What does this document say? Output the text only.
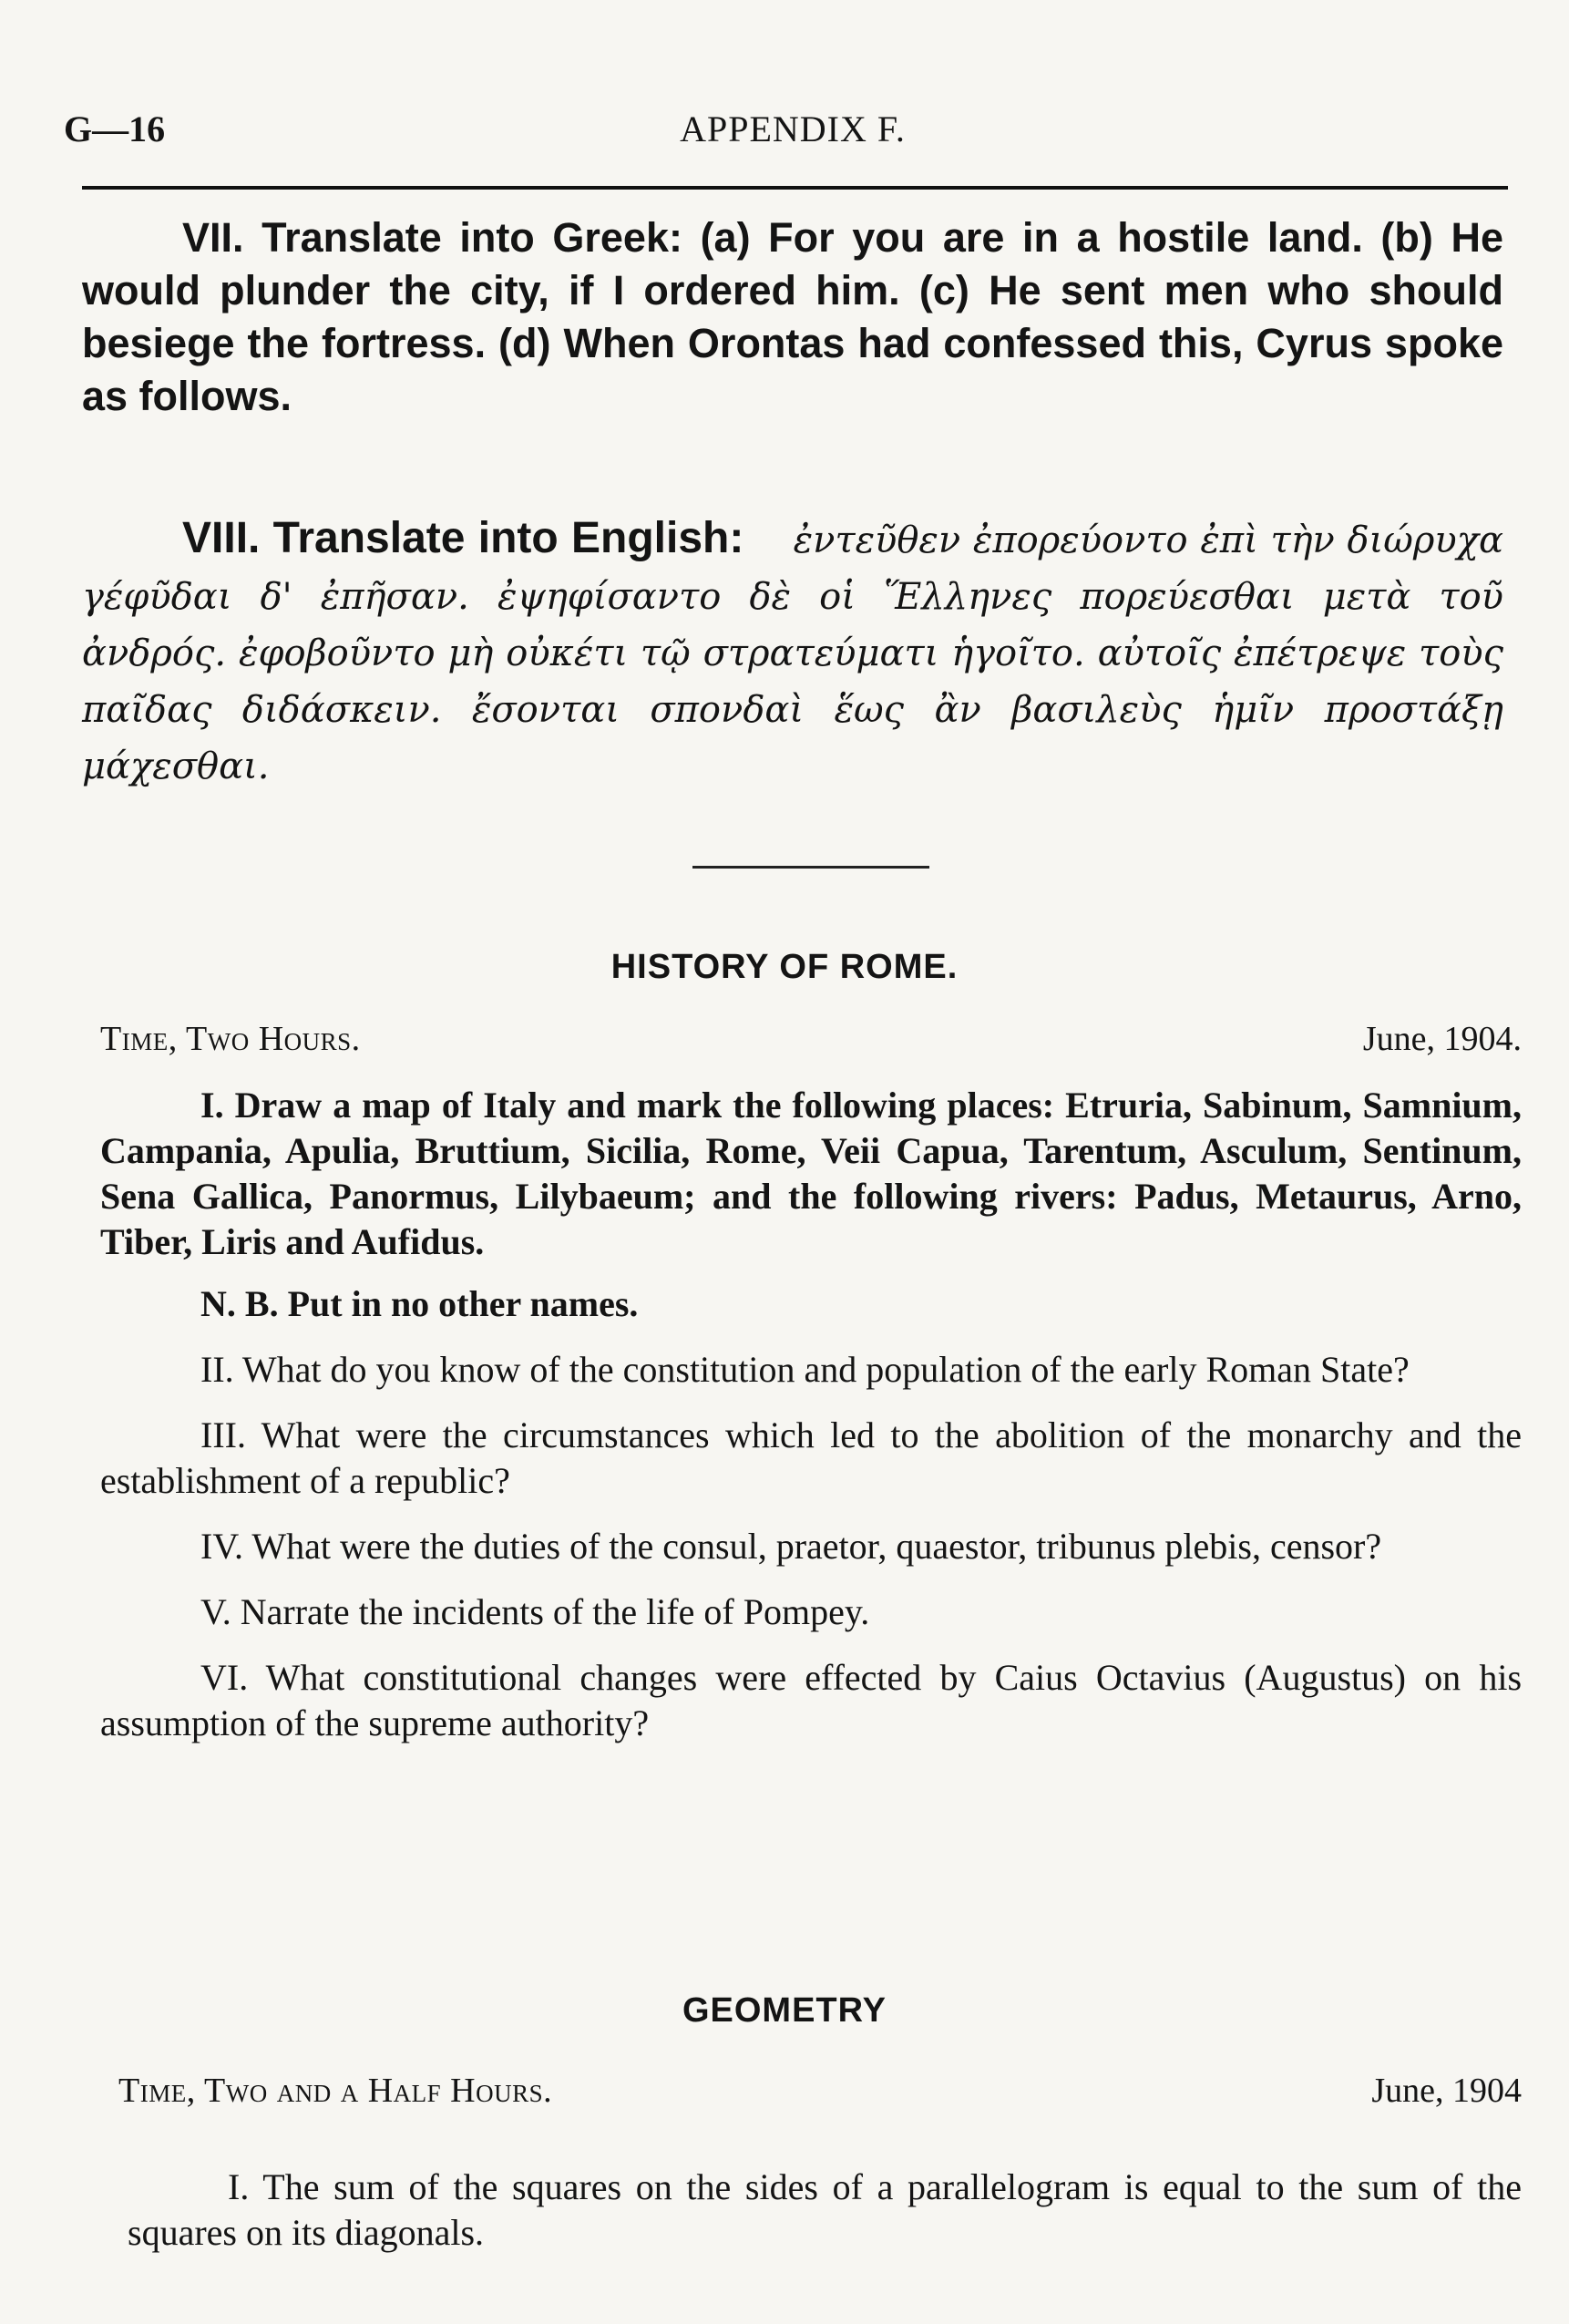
G—16	APPENDIX F.

VII. Translate into Greek: (a) For you are in a hostile land. (b) He would plunder the city, if I ordered him. (c) He sent men who should besiege the fortress. (d) When Orontas had confessed this, Cyrus spoke as follows.

VIII. Translate into English: ἐντεῦθεν ἐπορεύοντο ἐπὶ τὴν διώρυχα γέφῦδαι δ' ἐπῆσαν. ἐψηφίσαντο δὲ οἱ Ἕλληνες πορεύεσθαι μετὰ τοῦ ἀνδρός. ἐφοβοῦντο μὴ οὐκέτι τῷ στρατεύματι ἡγοῖτο. αὐτοῖς ἐπέτρεψε τοὺς παῖδας διδάσκειν. ἔσονται σπονδαὶ ἕως ἂν βασιλεὺς ἡμῖν προστάξῃ μάχεσθαι.

HISTORY OF ROME.
Time, Two Hours.	June, 1904.

I. Draw a map of Italy and mark the following places: Etruria, Sabinum, Samnium, Campania, Apulia, Bruttium, Sicilia, Rome, Veii Capua, Tarentum, Asculum, Sentinum, Sena Gallica, Panormus, Lilybaeum; and the following rivers: Padus, Metaurus, Arno, Tiber, Liris and Aufidus.

N. B. Put in no other names.

II. What do you know of the constitution and population of the early Roman State?

III. What were the circumstances which led to the abolition of the monarchy and the establishment of a republic?

IV. What were the duties of the consul, praetor, quaestor, tribunus plebis, censor?

V. Narrate the incidents of the life of Pompey.

VI. What constitutional changes were effected by Caius Octavius (Augustus) on his assumption of the supreme authority?

GEOMETRY
Time, Two and a Half Hours.	June, 1904

I. The sum of the squares on the sides of a parallelogram is equal to the sum of the squares on its diagonals.
